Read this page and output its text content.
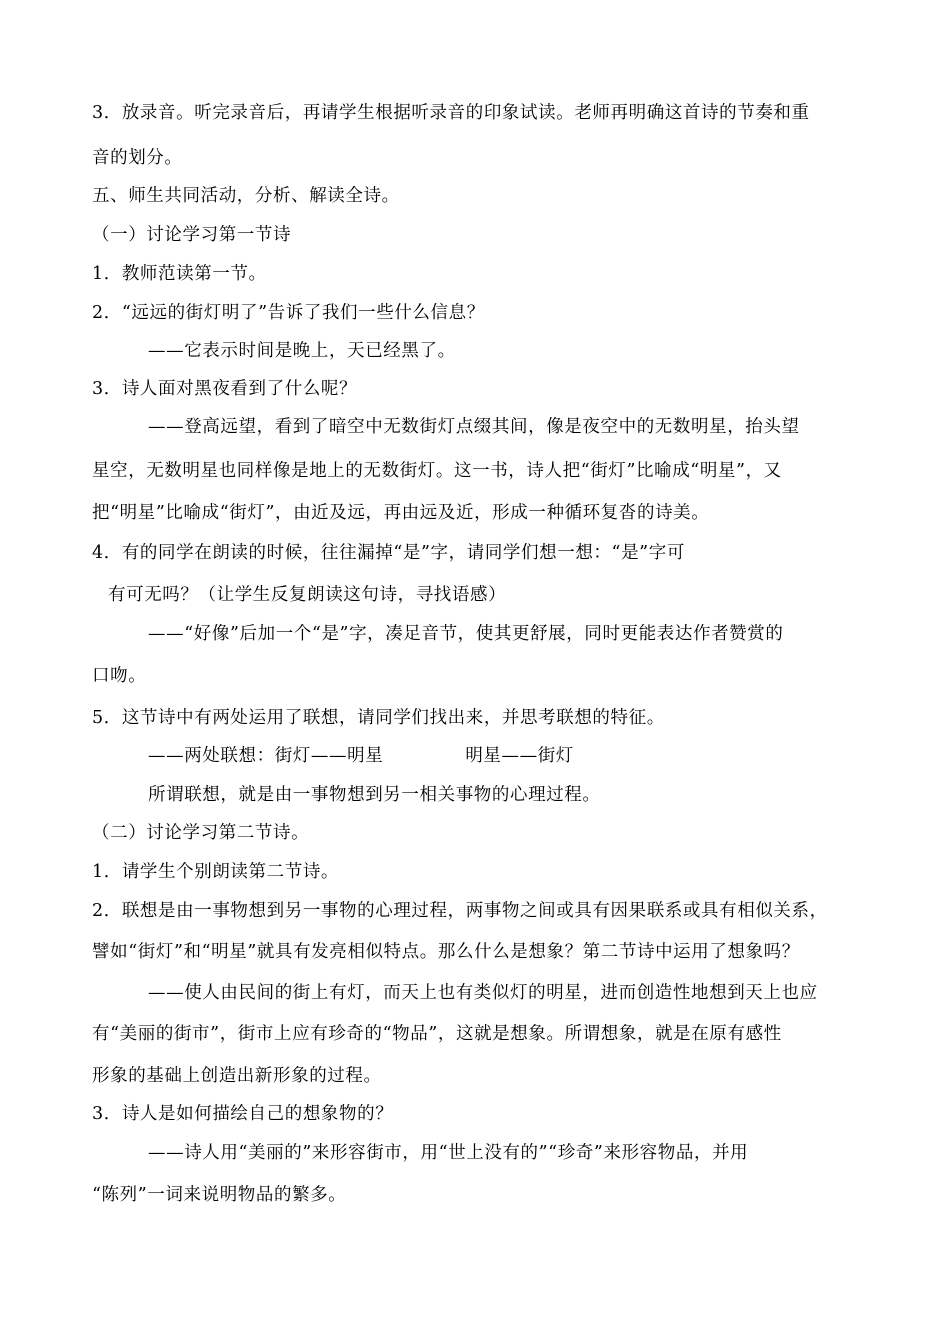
3．放录音。听完录音后，再请学生根据听录音的印象试读。老师再明确这首诗的节奏和重
音的划分。
五、师生共同活动，分析、解读全诗。
（一）讨论学习第一节诗
1．教师范读第一节。
2．“远远的街灯明了”告诉了我们一些什么信息？
——它表示时间是晚上，天已经黑了。
3．诗人面对黑夜看到了什么呢？
——登高远望，看到了暗空中无数街灯点缀其间，像是夜空中的无数明星，抬头望
星空，无数明星也同样像是地上的无数街灯。这一书，诗人把“街灯”比喻成“明星”，又
把“明星”比喻成“街灯”，由近及远，再由远及近，形成一种循环复沓的诗美。
4．有的同学在朗读的时候，往往漏掉“是”字，请同学们想一想：“是”字可
有可无吗？（让学生反复朗读这句诗，寻找语感）
——“好像”后加一个“是”字，凑足音节，使其更舒展，同时更能表达作者赞赏的
口吻。
5．这节诗中有两处运用了联想，请同学们找出来，并思考联想的特征。
——两处联想：街灯——明星	明星——街灯
所谓联想，就是由一事物想到另一相关事物的心理过程。
（二）讨论学习第二节诗。
1．请学生个别朗读第二节诗。
2．联想是由一事物想到另一事物的心理过程，两事物之间或具有因果联系或具有相似关系，
譬如“街灯”和“明星”就具有发亮相似特点。那么什么是想象？第二节诗中运用了想象吗？
——使人由民间的街上有灯，而天上也有类似灯的明星，进而创造性地想到天上也应
有“美丽的街市”，街市上应有珍奇的“物品”，这就是想象。所谓想象，就是在原有感性
形象的基础上创造出新形象的过程。
3．诗人是如何描绘自己的想象物的？
——诗人用“美丽的”来形容街市，用“世上没有的”“珍奇”来形容物品，并用
“陈列”一词来说明物品的繁多。
